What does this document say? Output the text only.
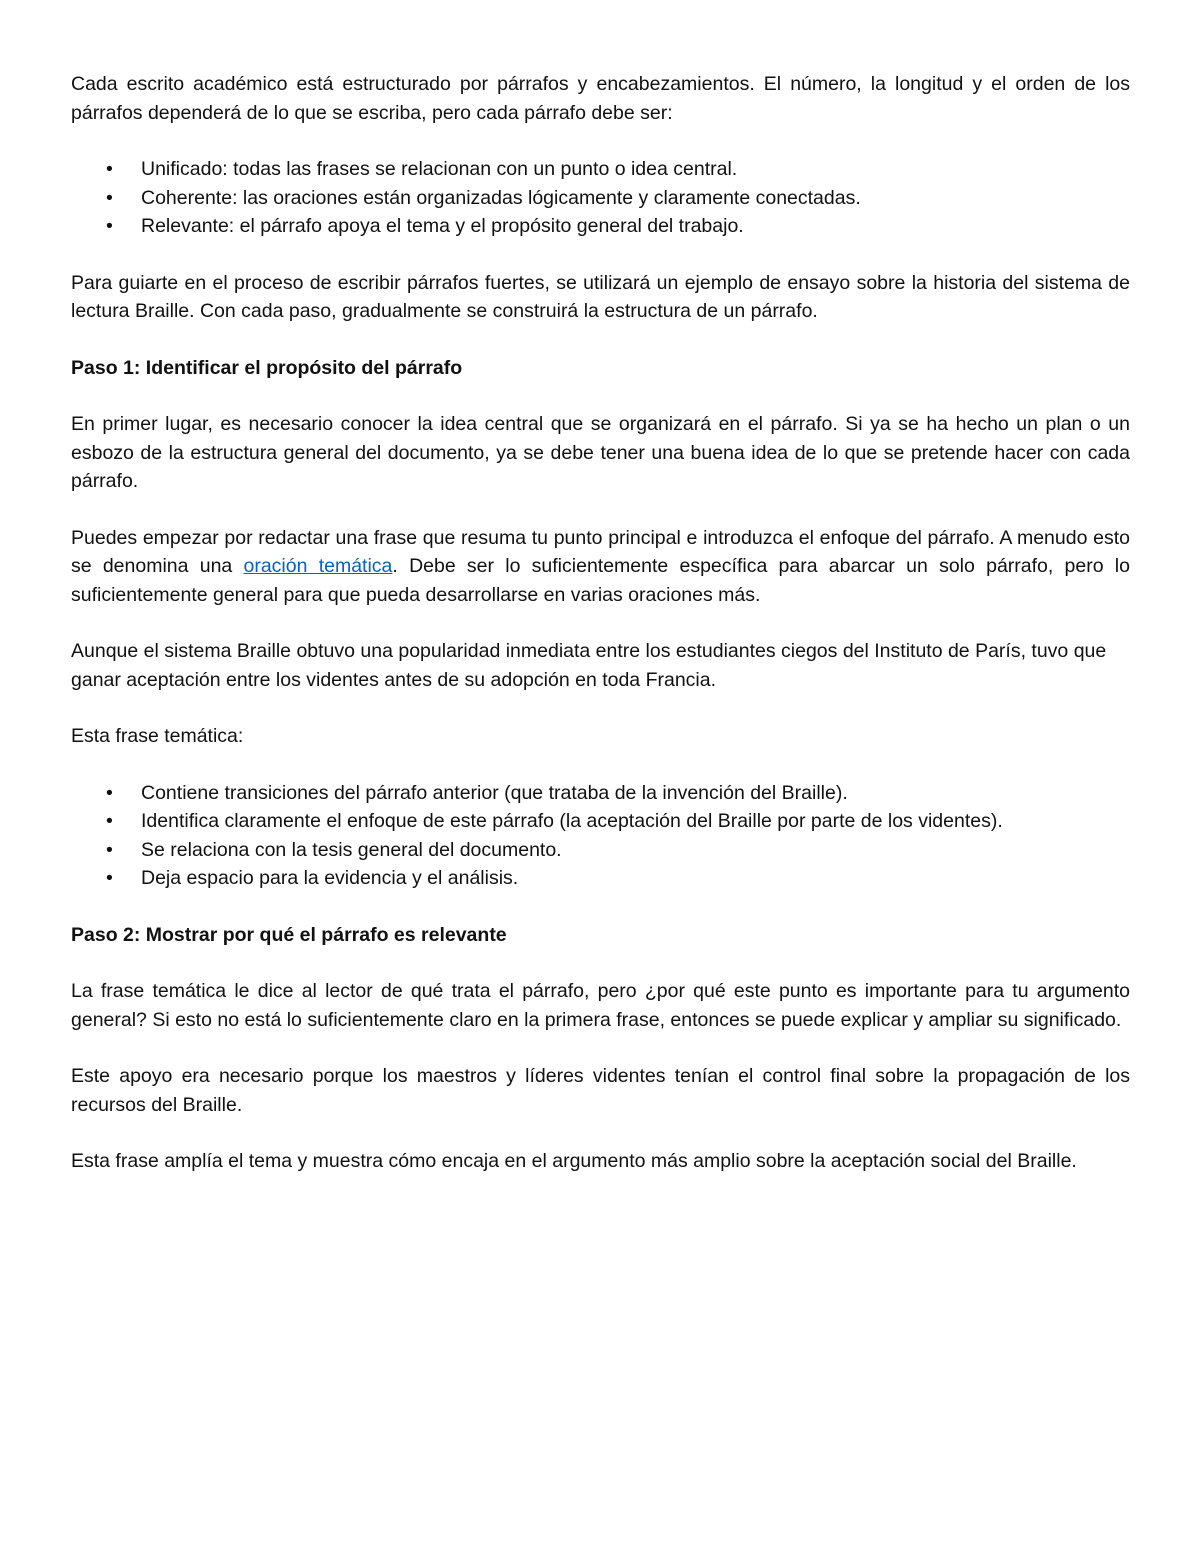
Cada escrito académico está estructurado por párrafos y encabezamientos. El número, la longitud y el orden de los párrafos dependerá de lo que se escriba, pero cada párrafo debe ser:

• Unificado: todas las frases se relacionan con un punto o idea central.
• Coherente: las oraciones están organizadas lógicamente y claramente conectadas.
• Relevante: el párrafo apoya el tema y el propósito general del trabajo.

Para guiarte en el proceso de escribir párrafos fuertes, se utilizará un ejemplo de ensayo sobre la historia del sistema de lectura Braille. Con cada paso, gradualmente se construirá la estructura de un párrafo.

Paso 1: Identificar el propósito del párrafo

En primer lugar, es necesario conocer la idea central que se organizará en el párrafo. Si ya se ha hecho un plan o un esbozo de la estructura general del documento, ya se debe tener una buena idea de lo que se pretende hacer con cada párrafo.

Puedes empezar por redactar una frase que resuma tu punto principal e introduzca el enfoque del párrafo. A menudo esto se denomina una oración temática. Debe ser lo suficientemente específica para abarcar un solo párrafo, pero lo suficientemente general para que pueda desarrollarse en varias oraciones más.

Aunque el sistema Braille obtuvo una popularidad inmediata entre los estudiantes ciegos del Instituto de París, tuvo que ganar aceptación entre los videntes antes de su adopción en toda Francia.

Esta frase temática:

• Contiene transiciones del párrafo anterior (que trataba de la invención del Braille).
• Identifica claramente el enfoque de este párrafo (la aceptación del Braille por parte de los videntes).
• Se relaciona con la tesis general del documento.
• Deja espacio para la evidencia y el análisis.

Paso 2: Mostrar por qué el párrafo es relevante

La frase temática le dice al lector de qué trata el párrafo, pero ¿por qué este punto es importante para tu argumento general? Si esto no está lo suficientemente claro en la primera frase, entonces se puede explicar y ampliar su significado.

Este apoyo era necesario porque los maestros y líderes videntes tenían el control final sobre la propagación de los recursos del Braille.

Esta frase amplía el tema y muestra cómo encaja en el argumento más amplio sobre la aceptación social del Braille.
